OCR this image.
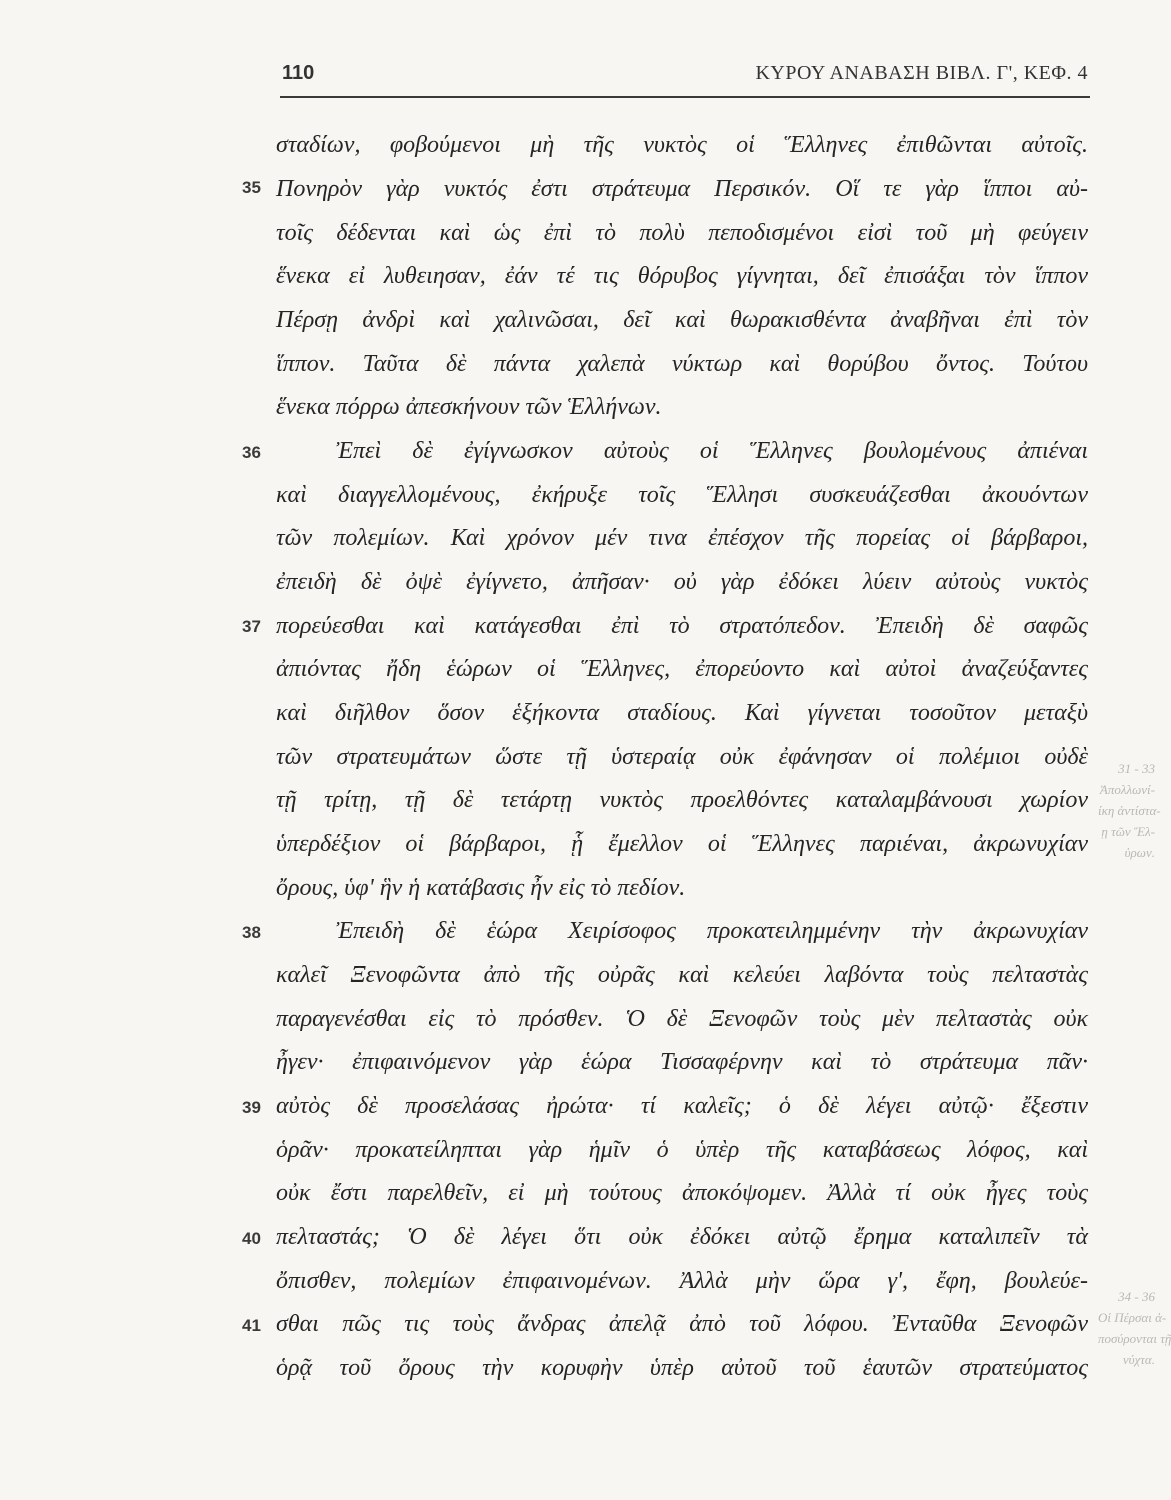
110	ΚΥΡΟΥ ΑΝΑΒΑΣΗ ΒΙΒΛ. Γ', ΚΕΦ. 4
35
36
37
38
39
40
41
σταδίων, φοβούμενοι μὴ τῆς νυκτὸς οἱ Ἕλληνες ἐπιθῶνται αὐτοῖς.
Πονηρὸν γὰρ νυκτός ἐστι στράτευμα Περσικόν. Οἵ τε γὰρ ἵπποι αὐ-
τοῖς δέδενται καὶ ὡς ἐπὶ τὸ πολὺ πεποδισμένοι εἰσὶ τοῦ μὴ φεύγειν
ἕνεκα εἰ λυθειησαν, ἐάν τέ τις θόρυβος γίγνηται, δεῖ ἐπισάξαι τὸν ἵππον
Πέρσῃ ἀνδρὶ καὶ χαλινῶσαι, δεῖ καὶ θωρακισθέντα ἀναβῆναι ἐπὶ τὸν
ἵππον. Ταῦτα δὲ πάντα χαλεπὰ νύκτωρ καὶ θορύβου ὄντος. Τούτου
ἕνεκα πόρρω ἀπεσκήνουν τῶν Ἑλλήνων.
Ἐπεὶ δὲ ἐγίγνωσκον αὐτοὺς οἱ Ἕλληνες βουλομένους ἀπιέναι
καὶ διαγγελλομένους, ἐκήρυξε τοῖς Ἕλλησι συσκευάζεσθαι ἀκουόντων
τῶν πολεμίων. Καὶ χρόνον μέν τινα ἐπέσχον τῆς πορείας οἱ βάρβαροι,
ἐπειδὴ δὲ ὀψὲ ἐγίγνετο, ἀπῆσαν· οὐ γὰρ ἐδόκει λύειν αὐτοὺς νυκτὸς
πορεύεσθαι καὶ κατάγεσθαι ἐπὶ τὸ στρατόπεδον. Ἐπειδὴ δὲ σαφῶς
ἀπιόντας ἤδη ἑώρων οἱ Ἕλληνες, ἐπορεύοντο καὶ αὐτοὶ ἀναζεύξαντες
καὶ διῆλθον ὅσον ἑξήκοντα σταδίους. Καὶ γίγνεται τοσοῦτον μεταξὺ
τῶν στρατευμάτων ὥστε τῇ ὑστεραίᾳ οὐκ ἐφάνησαν οἱ πολέμιοι οὐδὲ
τῇ τρίτῃ, τῇ δὲ τετάρτῃ νυκτὸς προελθόντες καταλαμβάνουσι χωρίον
ὑπερδέξιον οἱ βάρβαροι, ᾗ ἔμελλον οἱ Ἕλληνες παριέναι, ἀκρωνυχίαν
ὄρους, ὑφ' ἣν ἡ κατάβασις ἦν εἰς τὸ πεδίον.
Ἐπειδὴ δὲ ἑώρα Χειρίσοφος προκατειλημμένην τὴν ἀκρωνυχίαν
καλεῖ Ξενοφῶντα ἀπὸ τῆς οὐρᾶς καὶ κελεύει λαβόντα τοὺς πελταστὰς
παραγενέσθαι εἰς τὸ πρόσθεν. Ὁ δὲ Ξενοφῶν τοὺς μὲν πελταστὰς οὐκ
ἦγεν· ἐπιφαινόμενον γὰρ ἑώρα Τισσαφέρνην καὶ τὸ στράτευμα πᾶν·
αὐτὸς δὲ προσελάσας ἠρώτα· τί καλεῖς; ὁ δὲ λέγει αὐτῷ· ἔξεστιν
ὁρᾶν· προκατείληπται γὰρ ἡμῖν ὁ ὑπὲρ τῆς καταβάσεως λόφος, καὶ
οὐκ ἔστι παρελθεῖν, εἰ μὴ τούτους ἀποκόψομεν. Ἀλλὰ τί οὐκ ἦγες τοὺς
πελταστάς; Ὁ δὲ λέγει ὅτι οὐκ ἐδόκει αὐτῷ ἔρημα καταλιπεῖν τὰ
ὄπισθεν, πολεμίων ἐπιφαινομένων. Ἀλλὰ μὴν ὥρα γ', ἔφη, βουλεύε-
σθαι πῶς τις τοὺς ἄνδρας ἀπελᾷ ἀπὸ τοῦ λόφου. Ἐνταῦθα Ξενοφῶν
ὁρᾷ τοῦ ὄρους τὴν κορυφὴν ὑπὲρ αὐτοῦ τοῦ ἑαυτῶν στρατεύματος
31 - 33
Ἀπολλωνί-
ίκη ἀντίστα-
ῃ τῶν Ἕλ-
ὑρων.
34 - 36
Οἱ Πέρσαι ἀ-
ποσύρονται τῇ
νύχτα.
